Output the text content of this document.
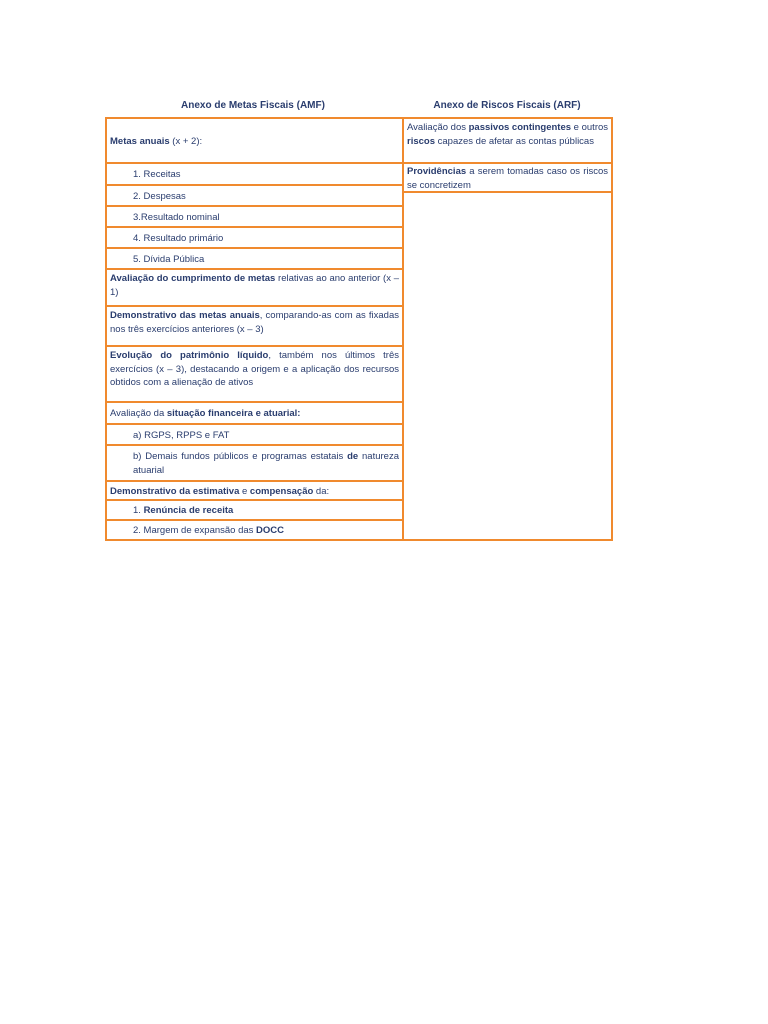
Anexo de Metas Fiscais (AMF)	Anexo de Riscos Fiscais (ARF)
Metas anuais (x + 2):
1. Receitas
2. Despesas
3.Resultado nominal
4. Resultado primário
5. Dívida Pública
Avaliação do cumprimento de metas relativas ao ano anterior (x – 1)
Demonstrativo das metas anuais, comparando-as com as fixadas nos três exercícios anteriores (x – 3)
Evolução do patrimônio líquido, também nos últimos três exercícios (x – 3), destacando a origem e a aplicação dos recursos obtidos com a alienação de ativos
Avaliação da situação financeira e atuarial:
a) RGPS, RPPS e FAT
b) Demais fundos públicos e programas estatais de natureza atuarial
Demonstrativo da estimativa e compensação da:
1. Renúncia de receita
2. Margem de expansão das DOCC
Avaliação dos passivos contingentes e outros riscos capazes de afetar as contas públicas
Providências a serem tomadas caso os riscos se concretizem
